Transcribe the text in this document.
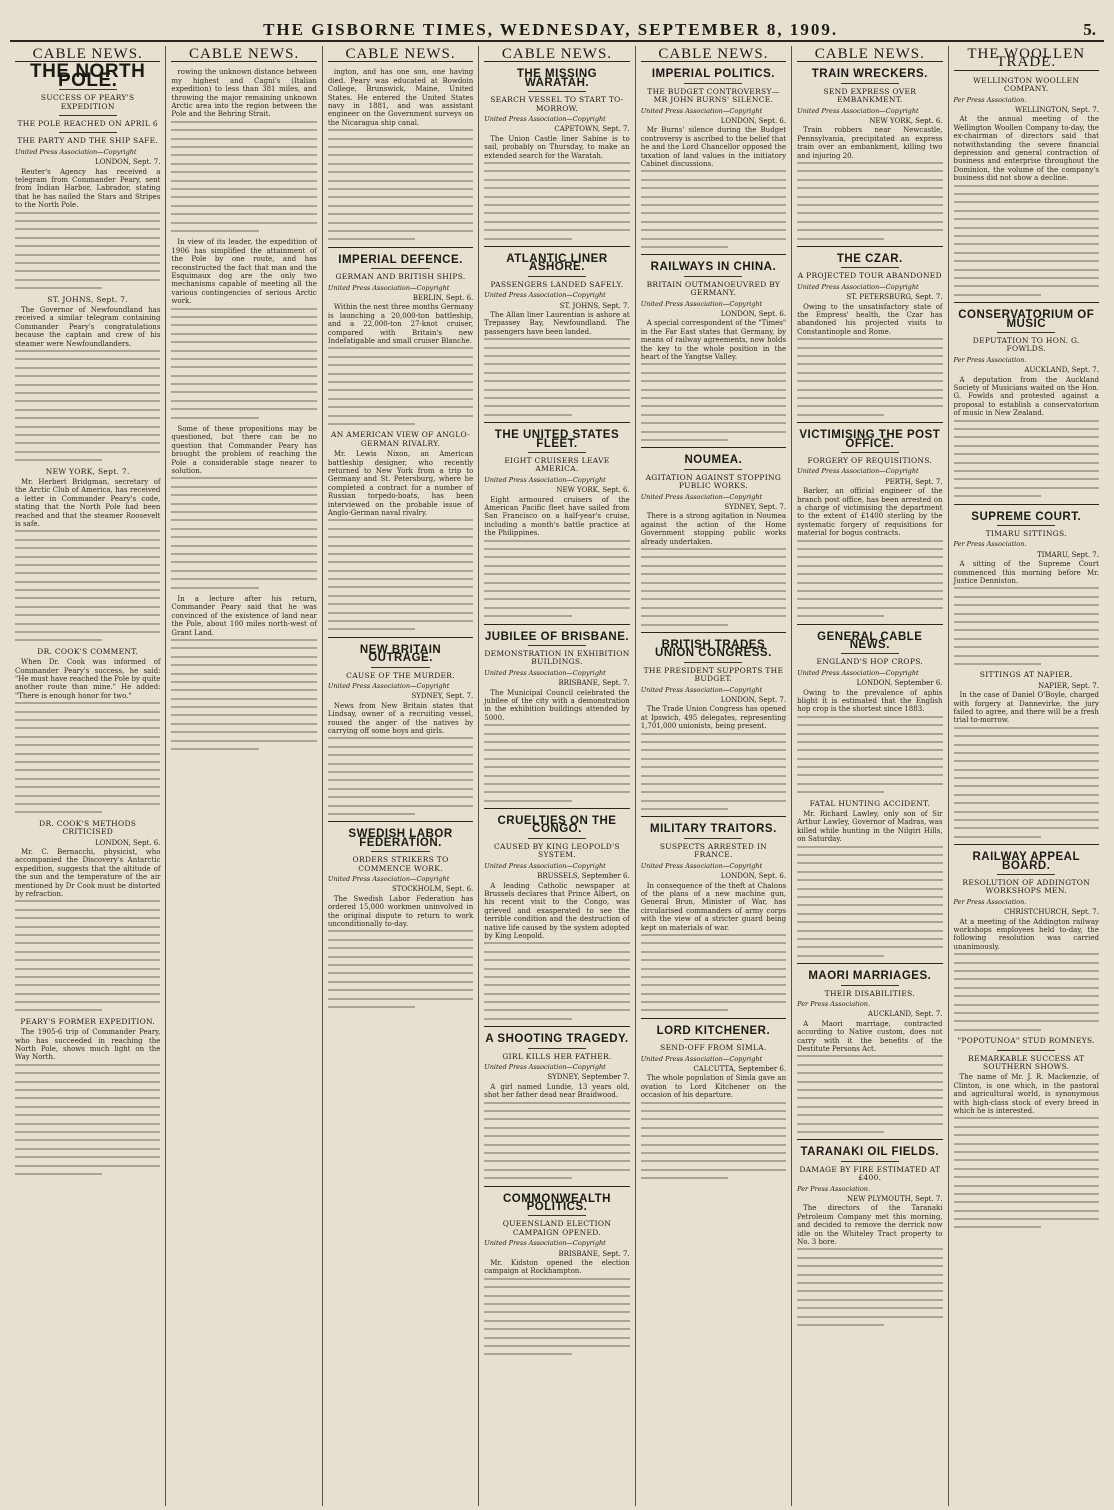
THE GISBORNE TIMES, WEDNESDAY, SEPTEMBER 8, 1909.	5.
CABLE NEWS.
THE NORTH POLE.
SUCCESS OF PEARY'S EXPEDITION
THE POLE REACHED ON APRIL 6
THE PARTY AND THE SHIP SAFE.
United Press Association—Copyright
LONDON, Sept. 7.

Reuter's Agency has received a telegram from Commander Peary, sent from Indian Harbor, Labrador, stating that he has nailed the Stars and Stripes to the North Pole.

ST. JOHNS, Sept. 7.

The Governor of Newfoundland has received a similar telegram containing Commander Peary's congratulations because the captain and crew of his steamer were Newfoundlanders.

NEW YORK, Sept. 7.

Mr. Herbert Bridgman, secretary of the Arctic Club of America, has received a letter in Commander Peary's code, stating that the North Pole had been reached and that the steamer Roosevelt is safe.

DR. COOK'S COMMENT.

When Dr. Cook was informed of Commander Peary's success, he said: "He must have reached the Pole by quite another route than mine." He added: "There is enough honor for two."

DR. COOK'S METHODS CRITICISED
LONDON, Sept. 6.

Mr. C. Bernacchi, physicist, who accompanied the Discovery's Antarctic expedition, suggests that the altitude of the sun and the temperature of the air mentioned by Dr Cook must be distorted by refraction.

PEARY'S FORMER EXPEDITION.

The 1905-6 trip of Commander Peary, who has succeeded in reaching the North Pole, shows much light on the Way North.

CABLE NEWS.

rowing the unknown distance between my highest and Cagni's (Italian expedition) to less than 381 miles, and throwing the major remaining unknown Arctic area into the region between the Pole and the Behring Strait.

In view of its leader, the expedition of 1906 has simplified the attainment of the Pole by one route, and has reconstructed the fact that man and the Esquimaux dog are the only two mechanisms capable of meeting all the various contingencies of serious Arctic work.

Some of these propositions may be questioned, but there can be no question that Commander Peary has brought the problem of reaching the Pole a considerable stage nearer to solution.

In a lecture after his return, Commander Peary said that he was convinced of the existence of land near the Pole, about 100 miles north-west of Grant Land.

CABLE NEWS.

ington, and has one son, one having died. Peary was educated at Bowdoin College, Brunswick, Maine, United States. He entered the United States navy in 1881, and was assistant engineer on the Government surveys on the Nicaragua ship canal.

IMPERIAL DEFENCE.
GERMAN AND BRITISH SHIPS.
United Press Association—Copyright
BERLIN, Sept. 6.

Within the next three months Germany is launching a 20,000-ton battleship, and a 22,000-ton 27-knot cruiser, compared with Britain's new Indefatigable and small cruiser Blanche.

AN AMERICAN VIEW OF ANGLO-GERMAN RIVALRY.

Mr. Lewis Nixon, an American battleship designer, who recently returned to New York from a trip to Germany and St. Petersburg, where he completed a contract for a number of Russian torpedo-boats, has been interviewed on the probable issue of Anglo-German naval rivalry.

NEW BRITAIN OUTRAGE.
CAUSE OF THE MURDER.
United Press Association—Copyright
SYDNEY, Sept. 7.

News from New Britain states that Lindsay, owner of a recruiting vessel, roused the anger of the natives by carrying off some boys and girls.

SWEDISH LABOR FEDERATION.
ORDERS STRIKERS TO COMMENCE WORK.
United Press Association—Copyright
STOCKHOLM, Sept. 6.

The Swedish Labor Federation has ordered 15,000 workmen uninvolved in the original dispute to return to work unconditionally to-day.

CABLE NEWS.
THE MISSING WARATAH.
SEARCH VESSEL TO START TO-MORROW.
United Press Association—Copyright
CAPETOWN, Sept. 7.

The Union Castle liner Sabine is to sail, probably on Thursday, to make an extended search for the Waratah.

ATLANTIC LINER ASHORE.
PASSENGERS LANDED SAFELY.
United Press Association—Copyright
ST. JOHNS, Sept. 7.

The Allan liner Laurentian is ashore at Trepassey Bay, Newfoundland. The passengers have been landed.

THE UNITED STATES FLEET.
EIGHT CRUISERS LEAVE AMERICA.
United Press Association—Copyright
NEW YORK, Sept. 6.

Eight armoured cruisers of the American Pacific fleet have sailed from San Francisco on a half-year's cruise, including a month's battle practice at the Philippines.

JUBILEE OF BRISBANE.
DEMONSTRATION IN EXHIBITION BUILDINGS.
United Press Association—Copyright
BRISBANE, Sept. 7.

The Municipal Council celebrated the jubilee of the city with a demonstration in the exhibition buildings attended by 5000.

CRUELTIES ON THE CONGO.
CAUSED BY KING LEOPOLD'S SYSTEM.
United Press Association—Copyright
BRUSSELS, September 6.

A leading Catholic newspaper at Brussels declares that Prince Albert, on his recent visit to the Congo, was grieved and exasperated to see the terrible condition and the destruction of native life caused by the system adopted by King Leopold.

A SHOOTING TRAGEDY.
GIRL KILLS HER FATHER.
United Press Association—Copyright
SYDNEY, September 7.

A girl named Lundie, 13 years old, shot her father dead near Braidwood.

COMMONWEALTH POLITICS.
QUEENSLAND ELECTION CAMPAIGN OPENED.
United Press Association—Copyright
BRISBANE, Sept. 7.

Mr. Kidston opened the election campaign at Rockhampton.

CABLE NEWS.
IMPERIAL POLITICS.
THE BUDGET CONTROVERSY—MR JOHN BURNS' SILENCE.
United Press Association—Copyright
LONDON, Sept. 6.

Mr Burns' silence during the Budget controversy is ascribed to the belief that he and the Lord Chancellor opposed the taxation of land values in the initiatory Cabinet discussions.

RAILWAYS IN CHINA.
BRITAIN OUTMANOEUVRED BY GERMANY.
United Press Association—Copyright
LONDON, Sept. 6.

A special correspondent of the "Times" in the Far East states that Germany, by means of railway agreements, now holds the key to the whole position in the heart of the Yangtse Valley.

NOUMEA.
AGITATION AGAINST STOPPING PUBLIC WORKS.
United Press Association—Copyright
SYDNEY, Sept. 7.

There is a strong agitation in Noumea against the action of the Home Government stopping public works already undertaken.

BRITISH TRADES UNION CONGRESS.
THE PRESIDENT SUPPORTS THE BUDGET.
United Press Association—Copyright
LONDON, Sept. 7.

The Trade Union Congress has opened at Ipswich, 495 delegates, representing 1,701,000 unionists, being present.

MILITARY TRAITORS.
SUSPECTS ARRESTED IN FRANCE.
United Press Association—Copyright
LONDON, Sept. 6.

In consequence of the theft at Chalons of the plans of a new machine gun, General Brun, Minister of War, has circularised commanders of army corps with the view of a stricter guard being kept on materials of war.

LORD KITCHENER.
SEND-OFF FROM SIMLA.
United Press Association—Copyright
CALCUTTA, September 6.

The whole population of Simla gave an ovation to Lord Kitchener on the occasion of his departure.

CABLE NEWS.
TRAIN WRECKERS.
SEND EXPRESS OVER EMBANKMENT.
United Press Association—Copyright
NEW YORK, Sept. 6.

Train robbers near Newcastle, Pennsylvania, precipitated an express train over an embankment, killing two and injuring 20.

THE CZAR.
A PROJECTED TOUR ABANDONED
United Press Association—Copyright
ST. PETERSBURG, Sept. 7.

Owing to the unsatisfactory state of the Empress' health, the Czar has abandoned his projected visits to Constantinople and Rome.

VICTIMISING THE POST OFFICE.
FORGERY OF REQUISITIONS.
United Press Association—Copyright
PERTH, Sept. 7.

Barker, an official engineer of the branch post office, has been arrested on a charge of victimising the department to the extent of £1400 sterling by the systematic forgery of requisitions for material for bogus contracts.

GENERAL CABLE NEWS.
ENGLAND'S HOP CROPS.
United Press Association—Copyright
LONDON, September 6.

Owing to the prevalence of aphis blight it is estimated that the English hop crop is the shortest since 1883.

FATAL HUNTING ACCIDENT.

Mr. Richard Lawley, only son of Sir Arthur Lawley, Governor of Madras, was killed while hunting in the Nilgiri Hills, on Saturday.

MAORI MARRIAGES.
THEIR DISABILITIES.
Per Press Association.
AUCKLAND, Sept. 7.

A Maori marriage, contracted according to Native custom, does not carry with it the benefits of the Destitute Persons Act.

TARANAKI OIL FIELDS.
DAMAGE BY FIRE ESTIMATED AT £400.
Per Press Association.
NEW PLYMOUTH, Sept. 7.

The directors of the Taranaki Petroleum Company met this morning, and decided to remove the derrick now idle on the Whiteley Tract property to No. 3 bore.

THE WOOLLEN TRADE.
WELLINGTON WOOLLEN COMPANY.
Per Press Association.
WELLINGTON, Sept. 7.

At the annual meeting of the Wellington Woollen Company to-day, the ex-chairman of directors said that notwithstanding the severe financial depression and general contraction of business and enterprise throughout the Dominion, the volume of the company's business did not show a decline.

CONSERVATORIUM OF MUSIC
DEPUTATION TO HON. G. FOWLDS.
Per Press Association.
AUCKLAND, Sept. 7.

A deputation from the Auckland Society of Musicians waited on the Hon. G. Fowlds and protested against a proposal to establish a conservatorium of music in New Zealand.

SUPREME COURT.
TIMARU SITTINGS.
Per Press Association.
TIMARU, Sept. 7.

A sitting of the Supreme Court commenced this morning before Mr. Justice Denniston.

SITTINGS AT NAPIER.
NAPIER, Sept. 7.

In the case of Daniel O'Boyle, charged with forgery at Dannevirke, the jury failed to agree, and there will be a fresh trial to-morrow.

RAILWAY APPEAL BOARD.
RESOLUTION OF ADDINGTON WORKSHOPS MEN.
Per Press Association.
CHRISTCHURCH, Sept. 7.

At a meeting of the Addington railway workshops employees held to-day, the following resolution was carried unanimously.

"POPOTUNOA" STUD ROMNEYS.
REMARKABLE SUCCESS AT SOUTHERN SHOWS.

The name of Mr. J. R. Mackenzie, of Clinton, is one which, in the pastoral and agricultural world, is synonymous with high-class stock of every breed in which he is interested.
